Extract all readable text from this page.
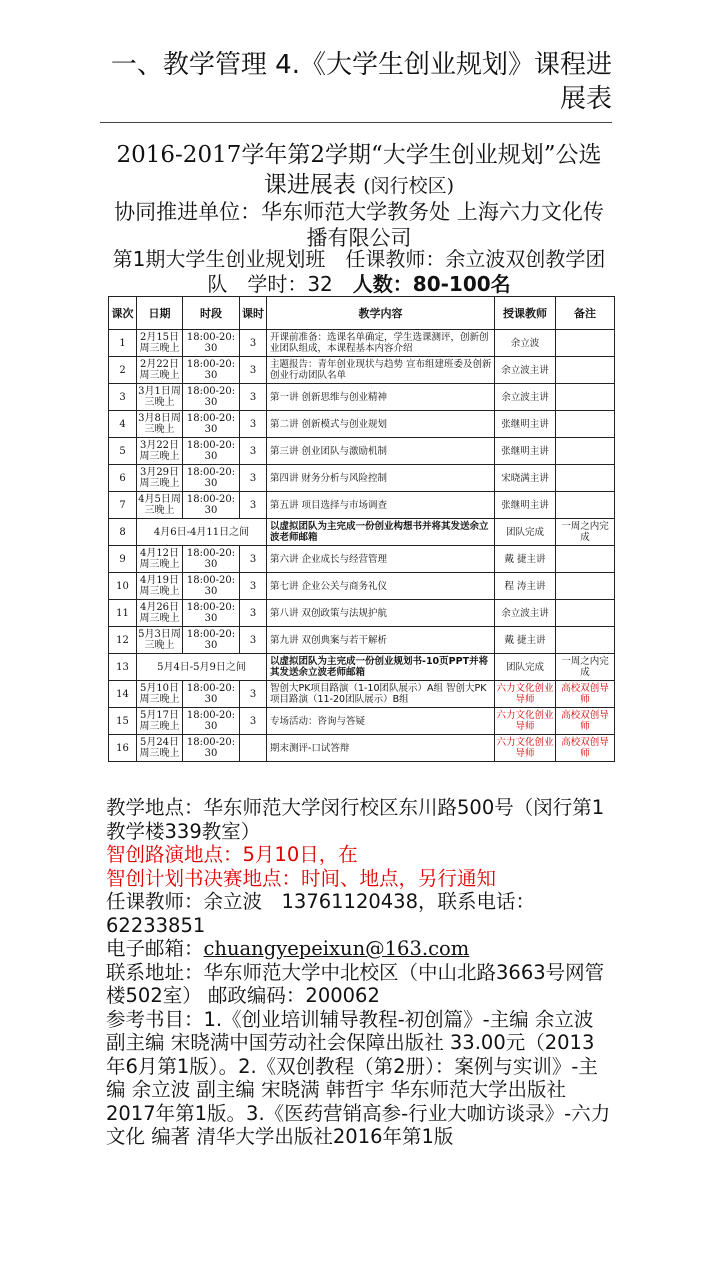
一、教学管理 4.《大学生创业规划》课程进展表
2016-2017学年第2学期“大学生创业规划”公选课进展表 (闵行校区)
协同推进单位：华东师范大学教务处 上海六力文化传播有限公司
第1期大学生创业规划班　任课教师：余立波双创教学团队　学时：32　人数：80-100名
课次	日期	时段	课时	教学内容	授课教师	备注
1	2月15日周三晚上	18:00-20:30	3	开课前准备：选课名单确定，学生选课测评，创新创业团队组成，本课程基本内容介绍	余立波	
2	2月22日周三晚上	18:00-20:30	3	主题报告：青年创业现状与趋势 宣布组建班委及创新创业行动团队名单	余立波主讲	
3	3月1日周三晚上	18:00-20:30	3	第一讲 创新思维与创业精神	余立波主讲	
4	3月8日周三晚上	18:00-20:30	3	第二讲 创新模式与创业规划	张继明主讲	
5	3月22日周三晚上	18:00-20:30	3	第三讲 创业团队与激励机制	张继明主讲	
6	3月29日周三晚上	18:00-20:30	3	第四讲 财务分析与风险控制	宋晓满主讲	
7	4月5日周三晚上	18:00-20:30	3	第五讲 项目选择与市场调查	张继明主讲	
8	4月6日-4月11日之间			以虚拟团队为主完成一份创业构想书并将其发送余立波老师邮箱	团队完成	一周之内完成
9	4月12日周三晚上	18:00-20:30	3	第六讲 企业成长与经营管理	戴 捷主讲	
10	4月19日周三晚上	18:00-20:30	3	第七讲 企业公关与商务礼仪	程 涛主讲	
11	4月26日周三晚上	18:00-20:30	3	第八讲 双创政策与法规护航	余立波主讲	
12	5月3日周三晚上	18:00-20:30	3	第九讲 双创典案与若干解析	戴 捷主讲	
13	5月4日-5月9日之间			以虚拟团队为主完成一份创业规划书-10页PPT并将其发送余立波老师邮箱	团队完成	一周之内完成
14	5月10日周三晚上	18:00-20:30	3	智创大PK项目路演（1-10团队展示）A组 智创大PK项目路演（11-20团队展示）B组	六力文化创业导师	高校双创导师
15	5月17日周三晚上	18:00-20:30	3	专场活动：咨询与答疑	六力文化创业导师	高校双创导师
16	5月24日周三晚上	18:00-20:30		期末测评-口试答辩	六力文化创业导师	高校双创导师

教学地点：华东师范大学闵行校区东川路500号（闵行第1教学楼339教室）

智创路演地点：5月10日，在

智创计划书决赛地点：时间、地点，另行通知

任课教师：余立波　13761120438，联系电话：62233851

电子邮箱：chuangyepeixun@163.com

联系地址：华东师范大学中北校区（中山北路3663号网管楼502室） 邮政编码：200062

参考书目：1.《创业培训辅导教程-初创篇》-主编 余立波 副主编 宋晓满中国劳动社会保障出版社 33.00元（2013年6月第1版）。2.《双创教程（第2册）：案例与实训》-主编 余立波 副主编 宋晓满 韩哲宇 华东师范大学出版社 2017年第1版。3.《医药营销高参-行业大咖访谈录》-六力文化 编著 清华大学出版社2016年第1版
